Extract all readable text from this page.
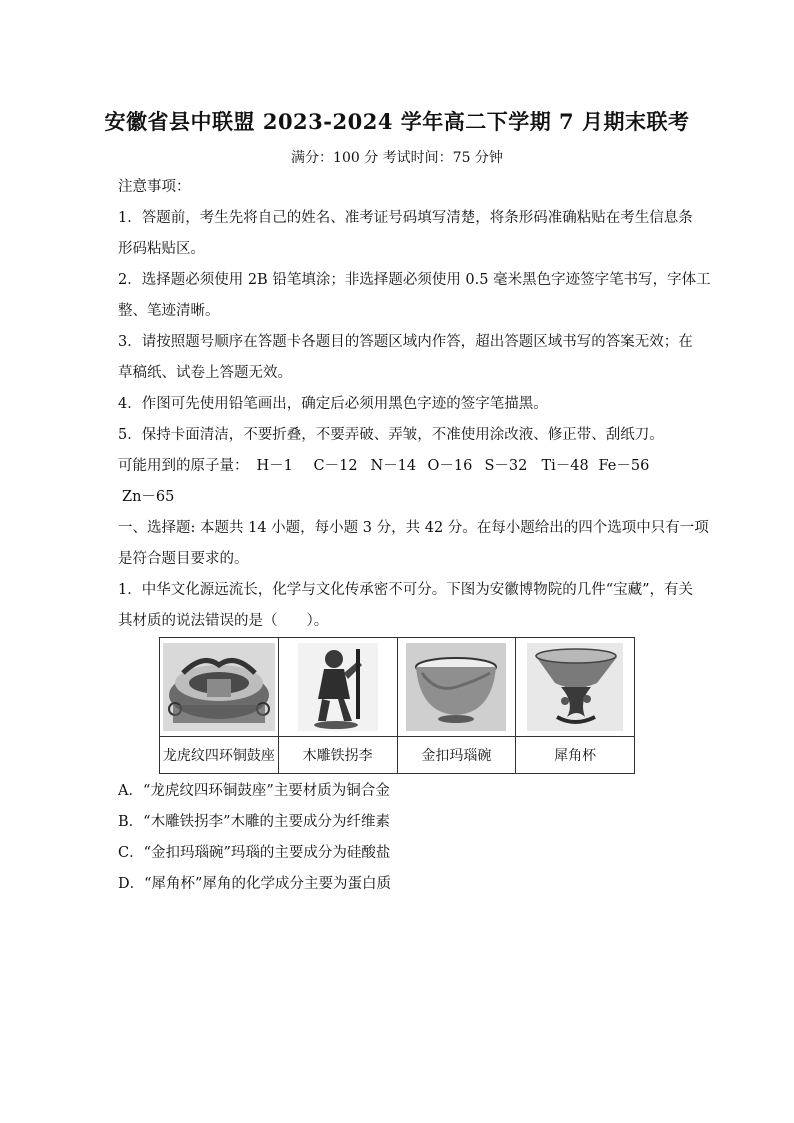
安徽省县中联盟 2023-2024 学年高二下学期 7 月期末联考
满分：100 分 考试时间：75 分钟
注意事项：
1．答题前，考生先将自己的姓名、准考证号码填写清楚，将条形码准确粘贴在考生信息条
形码粘贴区。
2．选择题必须使用 2B 铅笔填涂；非选择题必须使用 0.5 毫米黑色字迹签字笔书写，字体工
整、笔迹清晰。
3．请按照题号顺序在答题卡各题目的答题区域内作答，超出答题区域书写的答案无效；在
草稿纸、试卷上答题无效。
4．作图可先使用铅笔画出，确定后必须用黑色字迹的签字笔描黑。
5．保持卡面清洁，不要折叠，不要弄破、弄皱，不准使用涂改液、修正带、刮纸刀。
可能用到的原子量： H－1	C－12 N－14 O－16 S－32 Ti－48 Fe－56
Zn－65
一、选择题: 本题共 14 小题，每小题 3 分，共 42 分。在每小题给出的四个选项中只有一项
是符合题目要求的。
1．中华文化源远流长，化学与文化传承密不可分。下图为安徽博物院的几件“宝藏”，有关
其材质的说法错误的是（　　）。

龙虎纹四环铜鼓座	木雕铁拐李	金扣玛瑙碗	犀角杯
A．“龙虎纹四环铜鼓座”主要材质为铜合金
B．“木雕铁拐李”木雕的主要成分为纤维素
C．“金扣玛瑙碗”玛瑙的主要成分为硅酸盐
D．“犀角杯”犀角的化学成分主要为蛋白质
